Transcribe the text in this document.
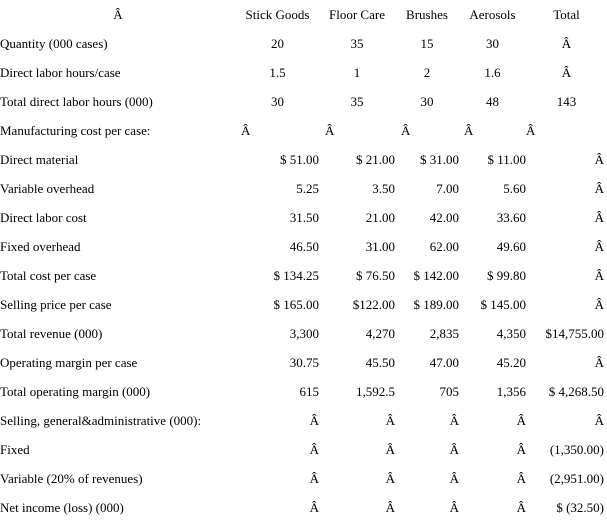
Â	Stick Goods	Floor Care	Brushes	Aerosols	Total
Quantity (000 cases)	20	35	15	30	Â
Direct labor hours/case	1.5	1	2	1.6	Â
Total direct labor hours (000)	30	35	30	48	143
Manufacturing cost per case:	Â	Â	Â	Â	Â
Direct material	$ 51.00	$ 21.00	$ 31.00	$ 11.00	Â
Variable overhead	5.25	3.50	7.00	5.60	Â
Direct labor cost	31.50	21.00	42.00	33.60	Â
Fixed overhead	46.50	31.00	62.00	49.60	Â
Total cost per case	$ 134.25	$ 76.50	$ 142.00	$ 99.80	Â
Selling price per case	$ 165.00	$122.00	$ 189.00	$ 145.00	Â
Total revenue (000)	3,300	4,270	2,835	4,350	$14,755.00
Operating margin per case	30.75	45.50	47.00	45.20	Â
Total operating margin (000)	615	1,592.5	705	1,356	$ 4,268.50
Selling, general&administrative (000):	Â	Â	Â	Â	Â
Fixed	Â	Â	Â	Â	(1,350.00)
Variable (20% of revenues)	Â	Â	Â	Â	(2,951.00)
Net income (loss) (000)	Â	Â	Â	Â	$ (32.50)
